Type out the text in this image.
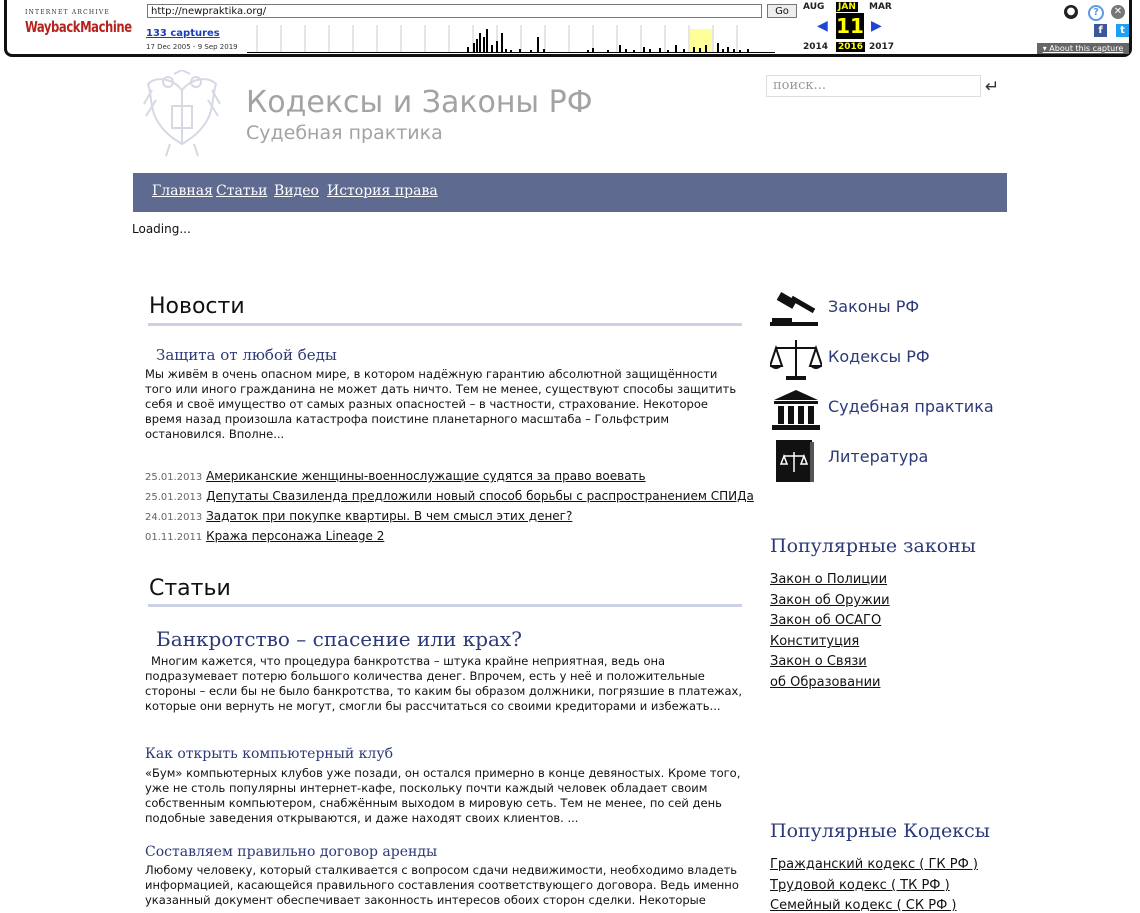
INTERNET ARCHIVE
WaybackMachine
http://newpraktika.org/	Go
133 captures
17 Dec 2005 - 9 Sep 2019
AUG JAN MAR
◀ 11 ▶
2014 2016 2017
●	?	✕
f	t
▾ About this capture
Кодексы и Законы РФ
Судебная практика
поиск...	↵
Главная Статьи Видео История права
Loading...
Новости
Защита от любой беды
Мы живём в очень опасном мире, в котором надёжную гарантию абсолютной защищённости того или иного гражданина не может дать ничто. Тем не менее, существуют способы защитить себя и своё имущество от самых разных опасностей – в частности, страхование. Некоторое время назад произошла катастрофа поистине планетарного масштаба – Гольфстрим остановился. Вполне...
25.01.2013 Американские женщины-военнослужащие судятся за право воевать
25.01.2013 Депутаты Свазиленда предложили новый способ борьбы с распространением СПИДа
24.01.2013 Задаток при покупке квартиры. В чем смысл этих денег?
01.11.2011 Кража персонажа Lineage 2
Статьи
Банкротство – спасение или крах?
Многим кажется, что процедура банкротства – штука крайне неприятная, ведь она подразумевает потерю большого количества денег. Впрочем, есть у неё и положительные стороны – если бы не было банкротства, то каким бы образом должники, погрязшие в платежах, которые они вернуть не могут, смогли бы рассчитаться со своими кредиторами и избежать...
Как открыть компьютерный клуб
«Бум» компьютерных клубов уже позади, он остался примерно в конце девяностых. Кроме того, уже не столь популярны интернет-кафе, поскольку почти каждый человек обладает своим собственным компьютером, снабжённым выходом в мировую сеть. Тем не менее, по сей день подобные заведения открываются, и даже находят своих клиентов. ...
Составляем правильно договор аренды
Любому человеку, который сталкивается с вопросом сдачи недвижимости, необходимо владеть информацией, касающейся правильного составления соответствующего договора. Ведь именно указанный документ обеспечивает законность интересов обоих сторон сделки. Некоторые
Законы РФ
Кодексы РФ
Судебная практика
Литература
Популярные законы
Закон о Полиции
Закон об Оружии
Закон об ОСАГО
Конституция
Закон о Связи
об Образовании
Популярные Кодексы
Гражданский кодекс ( ГК РФ )
Трудовой кодекс ( ТК РФ )
Семейный кодекс ( СК РФ )
